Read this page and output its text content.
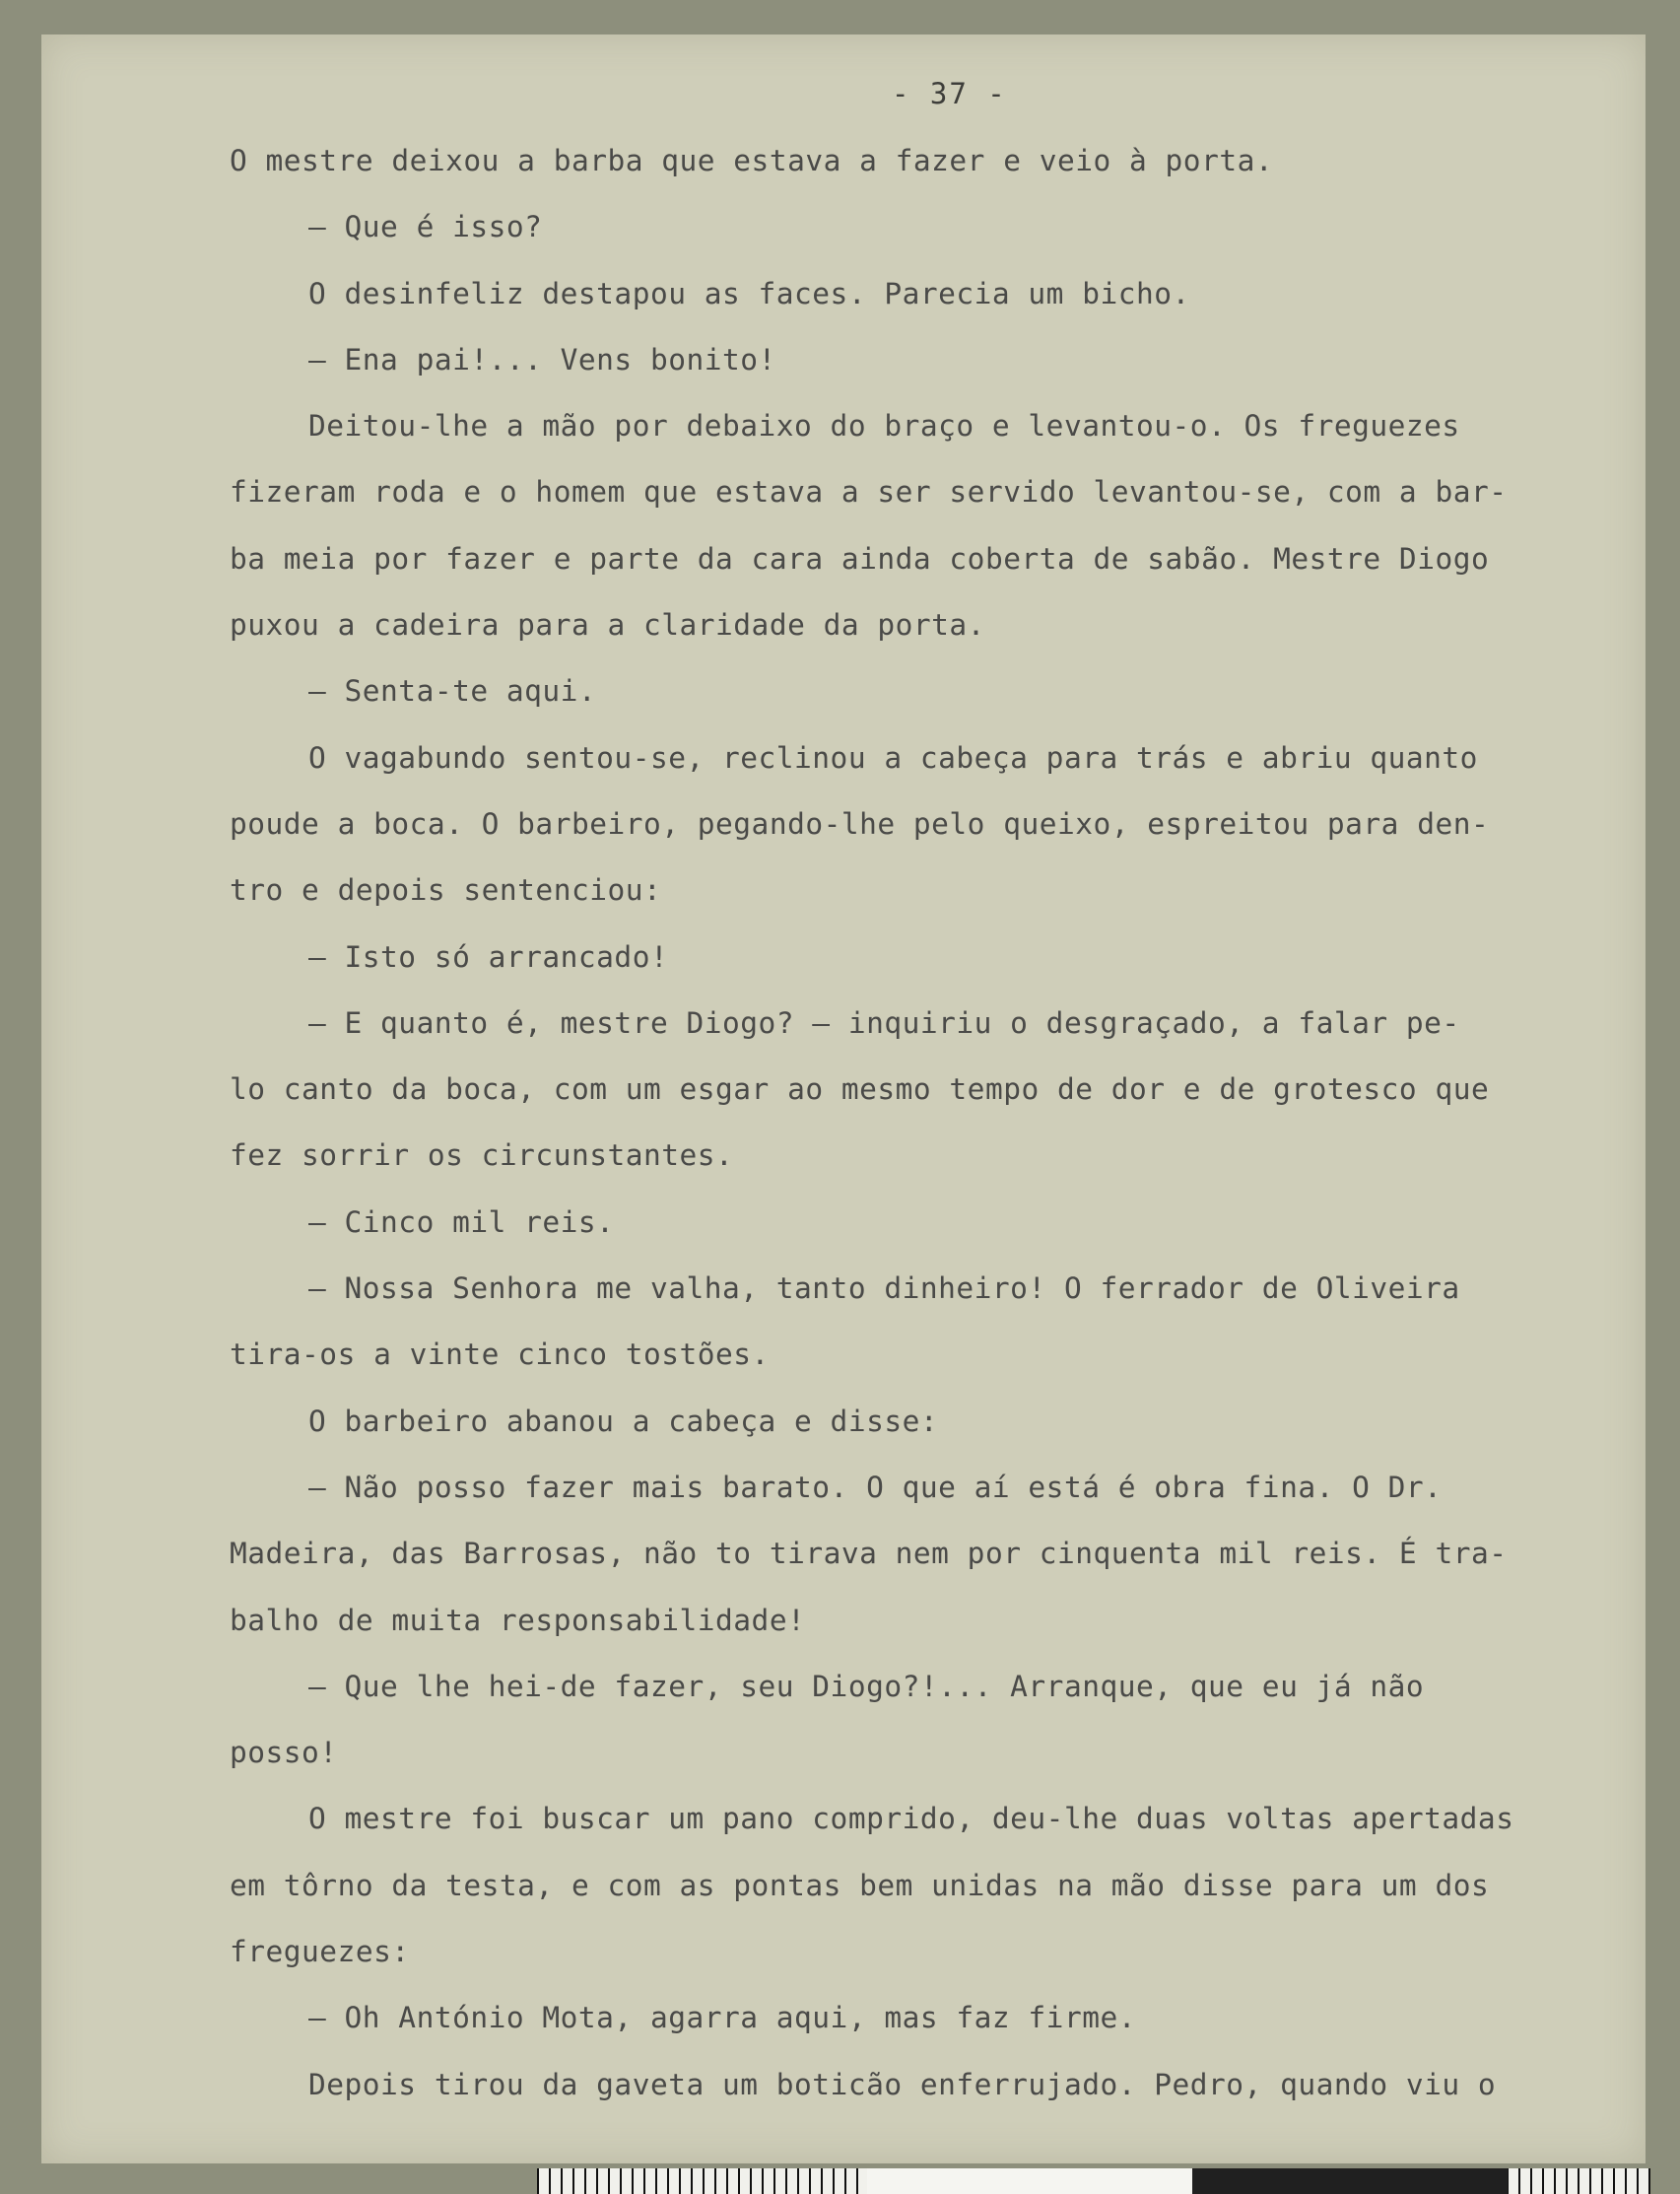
- 37 -
O mestre deixou a barba que estava a fazer e veio à porta.
— Que é isso?
O desinfeliz destapou as faces. Parecia um bicho.
— Ena pai!... Vens bonito!
Deitou-lhe a mão por debaixo do braço e levantou-o. Os freguezes
fizeram roda e o homem que estava a ser servido levantou-se, com a bar-
ba meia por fazer e parte da cara ainda coberta de sabão. Mestre Diogo
puxou a cadeira para a claridade da porta.
— Senta-te aqui.
O vagabundo sentou-se, reclinou a cabeça para trás e abriu quanto
poude a boca. O barbeiro, pegando-lhe pelo queixo, espreitou para den-
tro e depois sentenciou:
— Isto só arrancado!
— E quanto é, mestre Diogo? — inquiriu o desgraçado, a falar pe-
lo canto da boca, com um esgar ao mesmo tempo de dor e de grotesco que
fez sorrir os circunstantes.
— Cinco mil reis.
— Nossa Senhora me valha, tanto dinheiro! O ferrador de Oliveira
tira-os a vinte cinco tostões.
O barbeiro abanou a cabeça e disse:
— Não posso fazer mais barato. O que aí está é obra fina. O Dr.
Madeira, das Barrosas, não to tirava nem por cinquenta mil reis. É tra-
balho de muita responsabilidade!
— Que lhe hei-de fazer, seu Diogo?!... Arranque, que eu já não
posso!
O mestre foi buscar um pano comprido, deu-lhe duas voltas apertadas
em tôrno da testa, e com as pontas bem unidas na mão disse para um dos
freguezes:
— Oh António Mota, agarra aqui, mas faz firme.
Depois tirou da gaveta um boticão enferrujado. Pedro, quando viu o
